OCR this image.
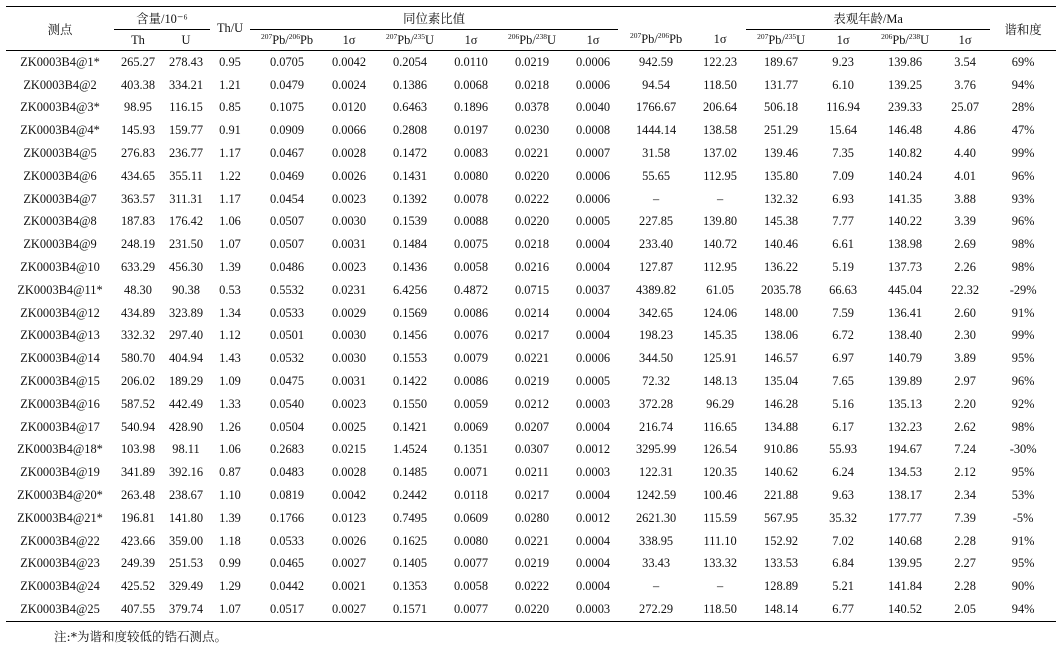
测点	含量/10⁻⁶		Th/U	同位素比值								表观年龄/Ma				谐和度
	Th	U		$^{207}$Pb/$^{206}$Pb	1σ	$^{207}$Pb/$^{235}$U	1σ	$^{206}$Pb/$^{238}$U	1σ	$^{207}$Pb/$^{206}$Pb	1σ	$^{207}$Pb/$^{235}$U	1σ	$^{206}$Pb/$^{238}$U	1σ	
ZK0003B4@1*	265.27	278.43	0.95	0.0705	0.0042	0.2054	0.0110	0.0219	0.0006	942.59	122.23	189.67	9.23	139.86	3.54	69%
ZK0003B4@2	403.38	334.21	1.21	0.0479	0.0024	0.1386	0.0068	0.0218	0.0006	94.54	118.50	131.77	6.10	139.25	3.76	94%
ZK0003B4@3*	98.95	116.15	0.85	0.1075	0.0120	0.6463	0.1896	0.0378	0.0040	1766.67	206.64	506.18	116.94	239.33	25.07	28%
ZK0003B4@4*	145.93	159.77	0.91	0.0909	0.0066	0.2808	0.0197	0.0230	0.0008	1444.14	138.58	251.29	15.64	146.48	4.86	47%
ZK0003B4@5	276.83	236.77	1.17	0.0467	0.0028	0.1472	0.0083	0.0221	0.0007	31.58	137.02	139.46	7.35	140.82	4.40	99%
ZK0003B4@6	434.65	355.11	1.22	0.0469	0.0026	0.1431	0.0080	0.0220	0.0006	55.65	112.95	135.80	7.09	140.24	4.01	96%
ZK0003B4@7	363.57	311.31	1.17	0.0454	0.0023	0.1392	0.0078	0.0222	0.0006	–	–	132.32	6.93	141.35	3.88	93%
ZK0003B4@8	187.83	176.42	1.06	0.0507	0.0030	0.1539	0.0088	0.0220	0.0005	227.85	139.80	145.38	7.77	140.22	3.39	96%
ZK0003B4@9	248.19	231.50	1.07	0.0507	0.0031	0.1484	0.0075	0.0218	0.0004	233.40	140.72	140.46	6.61	138.98	2.69	98%
ZK0003B4@10	633.29	456.30	1.39	0.0486	0.0023	0.1436	0.0058	0.0216	0.0004	127.87	112.95	136.22	5.19	137.73	2.26	98%
ZK0003B4@11*	48.30	90.38	0.53	0.5532	0.0231	6.4256	0.4872	0.0715	0.0037	4389.82	61.05	2035.78	66.63	445.04	22.32	-29%
ZK0003B4@12	434.89	323.89	1.34	0.0533	0.0029	0.1569	0.0086	0.0214	0.0004	342.65	124.06	148.00	7.59	136.41	2.60	91%
ZK0003B4@13	332.32	297.40	1.12	0.0501	0.0030	0.1456	0.0076	0.0217	0.0004	198.23	145.35	138.06	6.72	138.40	2.30	99%
ZK0003B4@14	580.70	404.94	1.43	0.0532	0.0030	0.1553	0.0079	0.0221	0.0006	344.50	125.91	146.57	6.97	140.79	3.89	95%
ZK0003B4@15	206.02	189.29	1.09	0.0475	0.0031	0.1422	0.0086	0.0219	0.0005	72.32	148.13	135.04	7.65	139.89	2.97	96%
ZK0003B4@16	587.52	442.49	1.33	0.0540	0.0023	0.1550	0.0059	0.0212	0.0003	372.28	96.29	146.28	5.16	135.13	2.20	92%
ZK0003B4@17	540.94	428.90	1.26	0.0504	0.0025	0.1421	0.0069	0.0207	0.0004	216.74	116.65	134.88	6.17	132.23	2.62	98%
ZK0003B4@18*	103.98	98.11	1.06	0.2683	0.0215	1.4524	0.1351	0.0307	0.0012	3295.99	126.54	910.86	55.93	194.67	7.24	-30%
ZK0003B4@19	341.89	392.16	0.87	0.0483	0.0028	0.1485	0.0071	0.0211	0.0003	122.31	120.35	140.62	6.24	134.53	2.12	95%
ZK0003B4@20*	263.48	238.67	1.10	0.0819	0.0042	0.2442	0.0118	0.0217	0.0004	1242.59	100.46	221.88	9.63	138.17	2.34	53%
ZK0003B4@21*	196.81	141.80	1.39	0.1766	0.0123	0.7495	0.0609	0.0280	0.0012	2621.30	115.59	567.95	35.32	177.77	7.39	-5%
ZK0003B4@22	423.66	359.00	1.18	0.0533	0.0026	0.1625	0.0080	0.0221	0.0004	338.95	111.10	152.92	7.02	140.68	2.28	91%
ZK0003B4@23	249.39	251.53	0.99	0.0465	0.0027	0.1405	0.0077	0.0219	0.0004	33.43	133.32	133.53	6.84	139.95	2.27	95%
ZK0003B4@24	425.52	329.49	1.29	0.0442	0.0021	0.1353	0.0058	0.0222	0.0004	–	–	128.89	5.21	141.84	2.28	90%
ZK0003B4@25	407.55	379.74	1.07	0.0517	0.0027	0.1571	0.0077	0.0220	0.0003	272.29	118.50	148.14	6.77	140.52	2.05	94%
注:*为谐和度较低的锆石测点。
